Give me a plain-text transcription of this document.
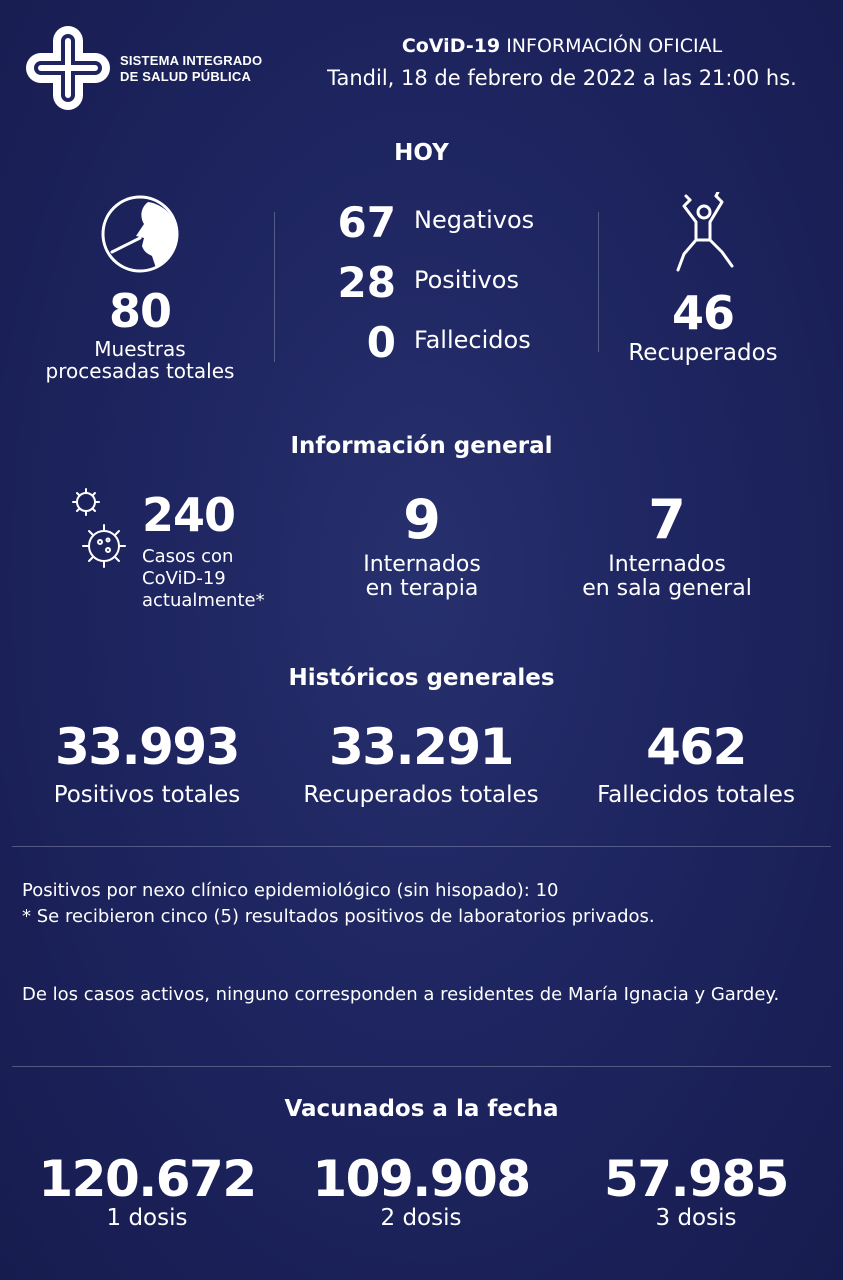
SISTEMA INTEGRADO
DE SALUD PÚBLICA
CoViD-19 INFORMACIÓN OFICIAL
Tandil, 18 de febrero de 2022 a las 21:00 hs.
HOY
80
Muestras
procesadas totales
67 Negativos
28 Positivos
0 Fallecidos	46
Recuperados
Información general
240
Casos con
CoViD-19
actualmente*
9
Internados
en terapia
7
Internados
en sala general
Históricos generales
33.993
Positivos totales
33.291
Recuperados totales
462
Fallecidos totales
Positivos por nexo clínico epidemiológico (sin hisopado): 10
* Se recibieron cinco (5) resultados positivos de laboratorios privados.
De los casos activos, ninguno corresponden a residentes de María Ignacia y Gardey.
Vacunados a la fecha
120.672
1 dosis
109.908
2 dosis
57.985
3 dosis
